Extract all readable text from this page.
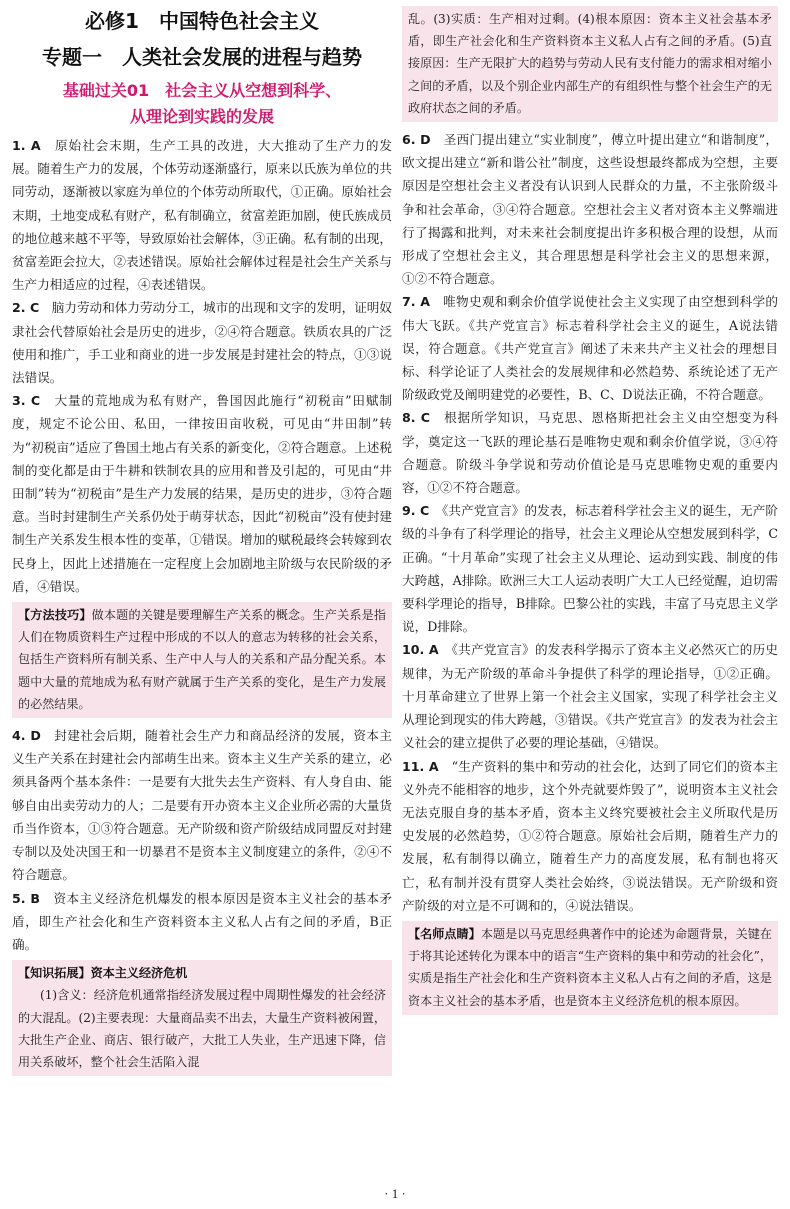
必修1　中国特色社会主义
专题一　人类社会发展的进程与趋势
基础过关01　社会主义从空想到科学、
从理论到实践的发展

1. A　原始社会末期，生产工具的改进，大大推动了生产力的发展。随着生产力的发展，个体劳动逐渐盛行，原来以氏族为单位的共同劳动，逐渐被以家庭为单位的个体劳动所取代，①正确。原始社会末期，土地变成私有财产，私有制确立，贫富差距加剧，使氏族成员的地位越来越不平等，导致原始社会解体，③正确。私有制的出现，贫富差距会拉大，②表述错误。原始社会解体过程是社会生产关系与生产力相适应的过程，④表述错误。

2. C　脑力劳动和体力劳动分工，城市的出现和文字的发明，证明奴隶社会代替原始社会是历史的进步，②④符合题意。铁质农具的广泛使用和推广，手工业和商业的进一步发展是封建社会的特点，①③说法错误。

3. C　大量的荒地成为私有财产，鲁国因此施行“初税亩”田赋制度，规定不论公田、私田，一律按田亩收税，可见由“井田制”转为“初税亩”适应了鲁国土地占有关系的新变化，②符合题意。上述税制的变化都是由于牛耕和铁制农具的应用和普及引起的，可见由“井田制”转为“初税亩”是生产力发展的结果，是历史的进步，③符合题意。当时封建制生产关系仍处于萌芽状态，因此“初税亩”没有使封建制生产关系发生根本性的变革，①错误。增加的赋税最终会转嫁到农民身上，因此上述措施在一定程度上会加剧地主阶级与农民阶级的矛盾，④错误。

【方法技巧】做本题的关键是要理解生产关系的概念。生产关系是指人们在物质资料生产过程中形成的不以人的意志为转移的社会关系，包括生产资料所有制关系、生产中人与人的关系和产品分配关系。本题中大量的荒地成为私有财产就属于生产关系的变化，是生产力发展的必然结果。

4. D　封建社会后期，随着社会生产力和商品经济的发展，资本主义生产关系在封建社会内部萌生出来。资本主义生产关系的建立，必须具备两个基本条件：一是要有大批失去生产资料、有人身自由、能够自由出卖劳动力的人；二是要有开办资本主义企业所必需的大量货币当作资本，①③符合题意。无产阶级和资产阶级结成同盟反对封建专制以及处决国王和一切暴君不是资本主义制度建立的条件，②④不符合题意。

5. B　资本主义经济危机爆发的根本原因是资本主义社会的基本矛盾，即生产社会化和生产资料资本主义私人占有之间的矛盾，B正确。

【知识拓展】资本主义经济危机
(1)含义：经济危机通常指经济发展过程中周期性爆发的社会经济的大混乱。(2)主要表现：大量商品卖不出去，大量生产资料被闲置，大批生产企业、商店、银行破产，大批工人失业，生产迅速下降，信用关系破坏，整个社会生活陷入混
乱。(3)实质：生产相对过剩。(4)根本原因：资本主义社会基本矛盾，即生产社会化和生产资料资本主义私人占有之间的矛盾。(5)直接原因：生产无限扩大的趋势与劳动人民有支付能力的需求相对缩小之间的矛盾，以及个别企业内部生产的有组织性与整个社会生产的无政府状态之间的矛盾。

6. D　圣西门提出建立“实业制度”，傅立叶提出建立“和谐制度”，欧文提出建立“新和谐公社”制度，这些设想最终都成为空想，主要原因是空想社会主义者没有认识到人民群众的力量，不主张阶级斗争和社会革命，③④符合题意。空想社会主义者对资本主义弊端进行了揭露和批判，对未来社会制度提出许多积极合理的设想，从而形成了空想社会主义，其合理思想是科学社会主义的思想来源，①②不符合题意。

7. A　唯物史观和剩余价值学说使社会主义实现了由空想到科学的伟大飞跃。《共产党宣言》标志着科学社会主义的诞生，A说法错误，符合题意。《共产党宣言》阐述了未来共产主义社会的理想目标、科学论证了人类社会的发展规律和必然趋势、系统论述了无产阶级政党及阐明建党的必要性，B、C、D说法正确，不符合题意。

8. C　根据所学知识，马克思、恩格斯把社会主义由空想变为科学，奠定这一飞跃的理论基石是唯物史观和剩余价值学说，③④符合题意。阶级斗争学说和劳动价值论是马克思唯物史观的重要内容，①②不符合题意。

9. C　《共产党宣言》的发表，标志着科学社会主义的诞生，无产阶级的斗争有了科学理论的指导，社会主义理论从空想发展到科学，C正确。“十月革命”实现了社会主义从理论、运动到实践、制度的伟大跨越，A排除。欧洲三大工人运动表明广大工人已经觉醒，迫切需要科学理论的指导，B排除。巴黎公社的实践，丰富了马克思主义学说，D排除。

10. A　《共产党宣言》的发表科学揭示了资本主义必然灭亡的历史规律，为无产阶级的革命斗争提供了科学的理论指导，①②正确。十月革命建立了世界上第一个社会主义国家，实现了科学社会主义从理论到现实的伟大跨越，③错误。《共产党宣言》的发表为社会主义社会的建立提供了必要的理论基础，④错误。

11. A　“生产资料的集中和劳动的社会化，达到了同它们的资本主义外壳不能相容的地步，这个外壳就要炸毁了”，说明资本主义社会无法克服自身的基本矛盾，资本主义终究要被社会主义所取代是历史发展的必然趋势，①②符合题意。原始社会后期，随着生产力的发展，私有制得以确立，随着生产力的高度发展，私有制也将灭亡，私有制并没有贯穿人类社会始终，③说法错误。无产阶级和资产阶级的对立是不可调和的，④说法错误。

【名师点睛】本题是以马克思经典著作中的论述为命题背景，关键在于将其论述转化为课本中的语言“生产资料的集中和劳动的社会化”，实质是指生产社会化和生产资料资本主义私人占有之间的矛盾，这是资本主义社会的基本矛盾，也是资本主义经济危机的根本原因。
· 1 ·
